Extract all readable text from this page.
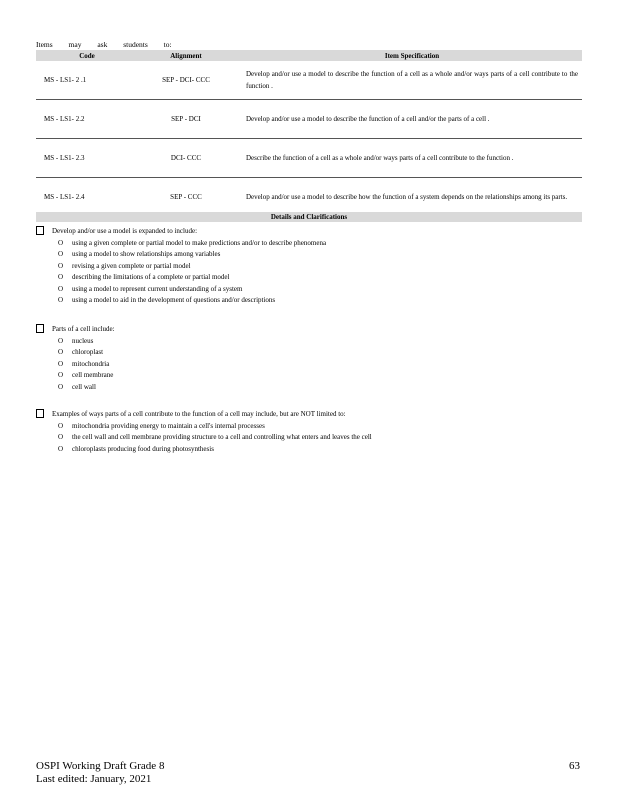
Items may ask students to:
Code	Alignment	Item Specification
MS - LS1- 2 .1	SEP - DCI- CCC	Develop and/or use a model to describe the function of a cell as a whole and/or ways parts of a cell contribute to the function .
MS - LS1- 2.2	SEP - DCI	Develop and/or use a model to describe the function of a cell and/or the parts of a cell .
MS - LS1- 2.3	DCI- CCC	Describe the function of a cell as a whole and/or ways parts of a cell contribute to the function .
MS - LS1- 2.4	SEP - CCC	Develop and/or use a model to describe how the function of a system depends on the relationships among its parts.
Details and Clarifications
Develop and/or use a model is expanded to include:
O	using a given complete or partial model to make predictions and/or to describe phenomena
O	using a model to show relationships among variables
O	revising a given complete or partial model
O	describing the limitations of a complete or partial model
O	using a model to represent current understanding of a system
O	using a model to aid in the development of questions and/or descriptions
Parts of a cell include:
O	nucleus
O	chloroplast
O	mitochondria
O	cell membrane
O	cell wall
Examples of ways parts of a cell contribute to the function of a cell may include, but are NOT limited to:
O	mitochondria providing energy to maintain a cell's internal processes
O	the cell wall and cell membrane providing structure to a cell and controlling what enters and leaves the cell
O	chloroplasts producing food during photosynthesis
OSPI Working Draft Grade 8
Last edited: January, 2021
63
